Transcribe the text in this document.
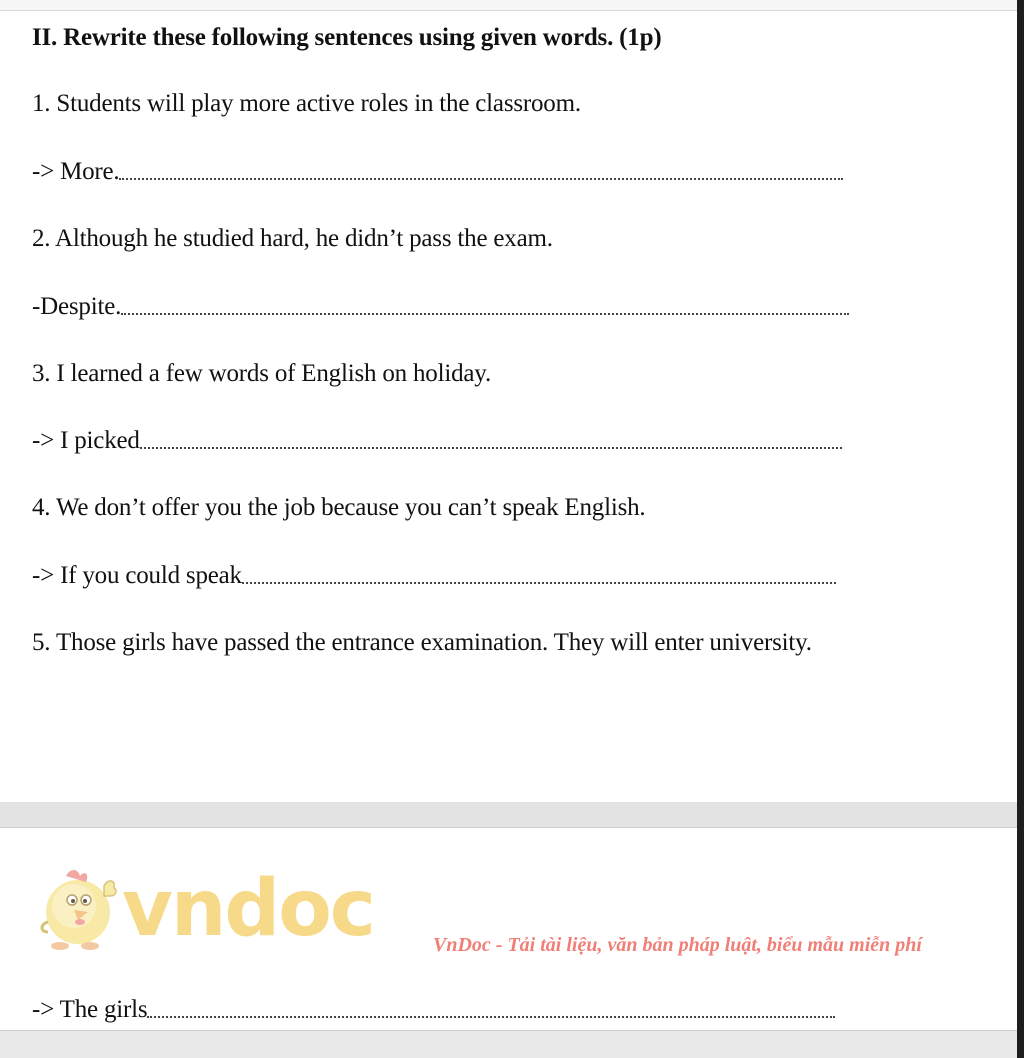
II. Rewrite these following sentences using given words. (1p)
1. Students will play more active roles in the classroom.
-> More.
2. Although he studied hard, he didn’t pass the exam.
-Despite.
3. I learned a few words of English on holiday.
-> I picked
4. We don’t offer you the job because you can’t speak English.
-> If you could speak
5. Those girls have passed the entrance examination. They will enter university.
vndoc	VnDoc - Tải tài liệu, văn bản pháp luật, biểu mẫu miễn phí
-> The girls
